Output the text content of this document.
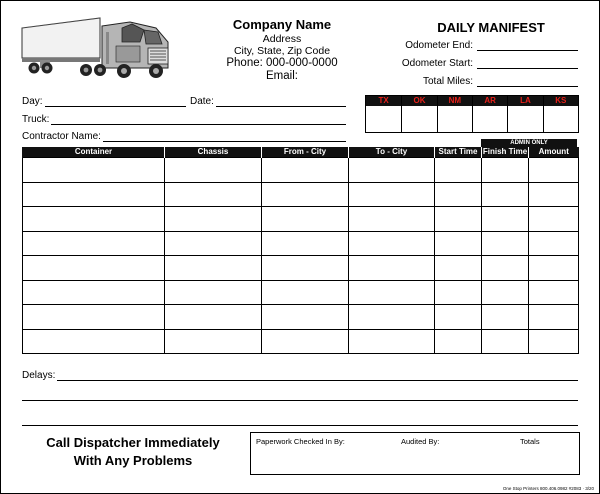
Company Name
Address
City, State, Zip Code
Phone: 000-000-0000
Email:
DAILY MANIFEST
Odometer End:
Odometer Start:
Total Miles:
Day:	Date:
Truck:
Contractor Name:
TX	OK	NM	AR	LA	KS
ADMIN ONLY
Container	Chassis	From - City	To - City	Start Time	Finish Time	Amount

Delays:
Call Dispatcher Immediately
With Any Problems
Paperwork Checked In By:	Audited By:	Totals
One Stop Printers 800.406.0982 #2083 · 3/20
